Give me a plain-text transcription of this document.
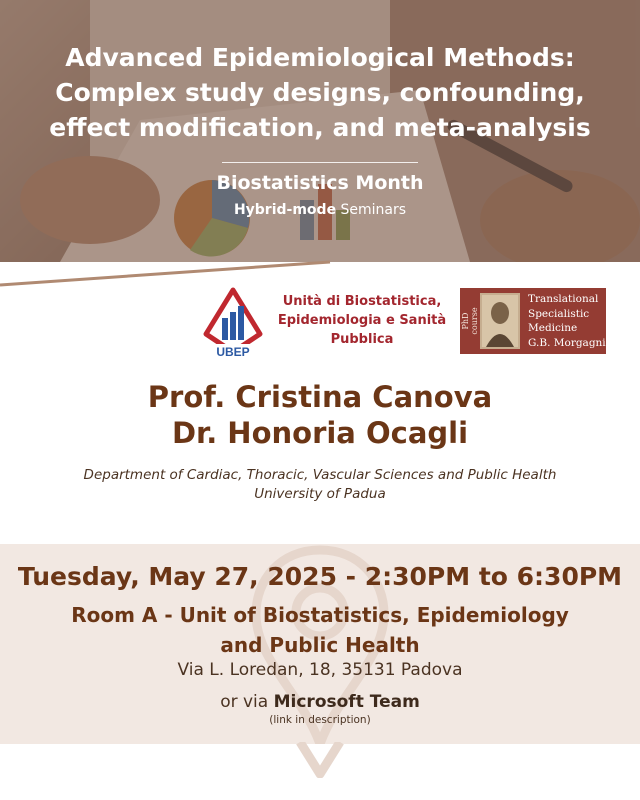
Advanced Epidemiological Methods:
Complex study designs, confounding,
effect modification, and meta-analysis
Biostatistics Month
Hybrid-mode Seminars
UBEP
Unità di Biostatistica,
Epidemiologia e Sanità
Pubblica
PhD course
Translational
Specialistic
Medicine
G.B. Morgagni
Prof. Cristina Canova
Dr. Honoria Ocagli
Department of Cardiac, Thoracic, Vascular Sciences and Public Health
University of Padua
Tuesday, May 27, 2025 - 2:30PM to 6:30PM
Room A - Unit of Biostatistics, Epidemiology
and Public Health
Via L. Loredan, 18, 35131 Padova
or via Microsoft Team
(link in description)
